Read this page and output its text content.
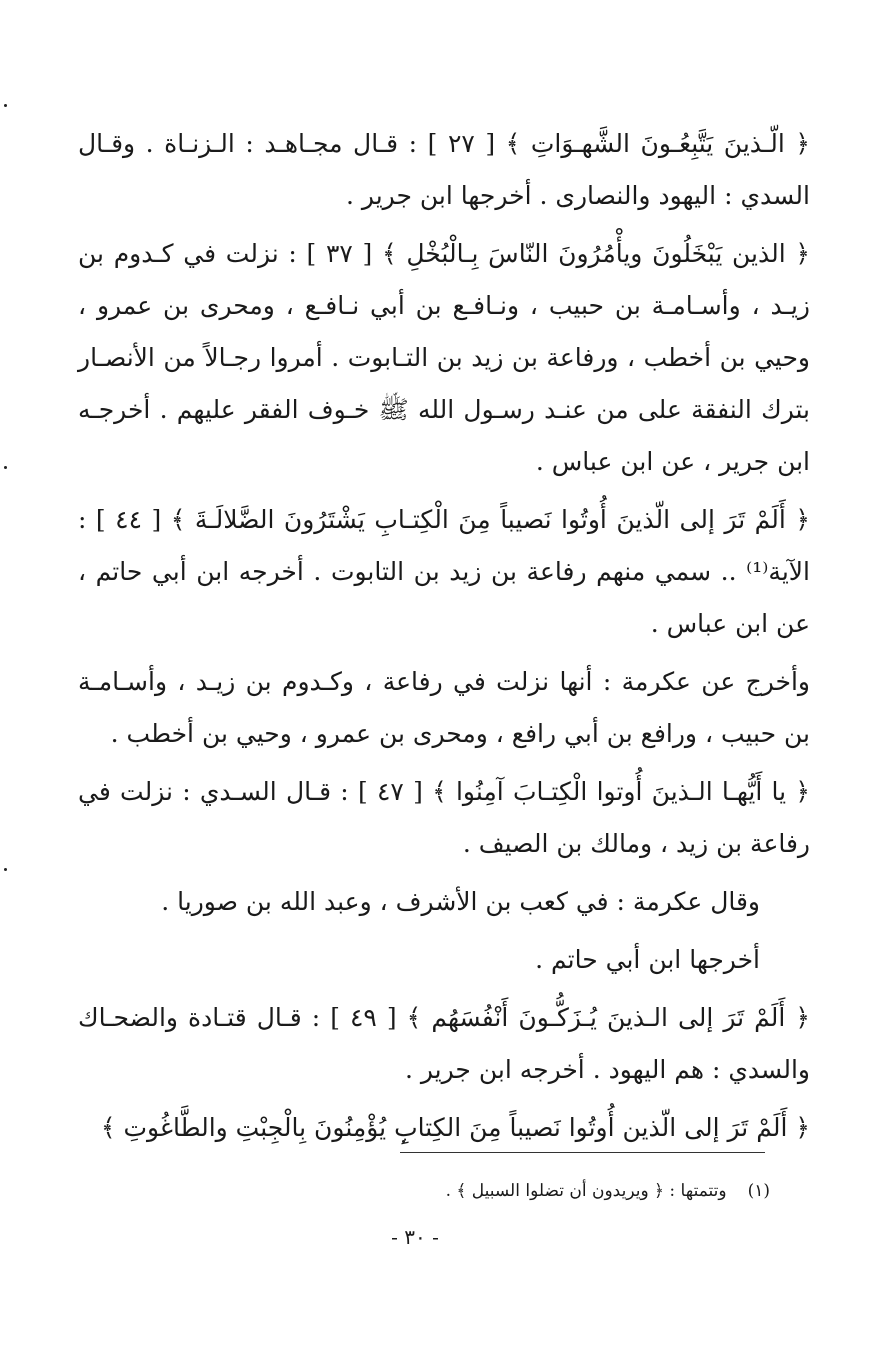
﴿ الّـذينَ يَتَّبِعُـونَ الشَّهـوَاتِ ﴾ [ ٢٧ ] : قـال مجـاهـد : الـزنـاة . وقـال السدي : اليهود والنصارى . أخرجها ابن جرير .

﴿ الذين يَبْخَلُونَ ويأْمُرُونَ النّاسَ بِـالْبُخْلِ ﴾ [ ٣٧ ] : نزلت في كـدوم بن زيـد ، وأسـامـة بن حبيب ، ونـافـع بن أبي نـافـع ، ومحرى بن عمرو ، وحيي بن أخطب ، ورفاعة بن زيد بن التـابوت . أمروا رجـالاً من الأنصـار بترك النفقة على من عنـد رسـول الله ﷺ خـوف الفقر عليهم . أخرجـه ابن جرير ، عن ابن عباس .

﴿ أَلَمْ تَرَ إلى الّذينَ أُوتُوا نَصيباً مِنَ الْكِتـابِ يَشْتَرُونَ الضَّلالَـةَ ﴾ [ ٤٤ ] : الآية⁽¹⁾ .. سمي منهم رفاعة بن زيد بن التابوت . أخرجه ابن أبي حاتم ، عن ابن عباس .

وأخرج عن عكرمة : أنها نزلت في رفاعة ، وكـدوم بن زيـد ، وأسـامـة بن حبيب ، ورافع بن أبي رافع ، ومحرى بن عمرو ، وحيي بن أخطب .

﴿ يا أَيُّهـا الـذينَ أُوتوا الْكِتـابَ آمِنُوا ﴾ [ ٤٧ ] : قـال السـدي : نزلت في رفاعة بن زيد ، ومالك بن الصيف .

وقال عكرمة : في كعب بن الأشرف ، وعبد الله بن صوريا .

أخرجها ابن أبي حاتم .

﴿ أَلَمْ تَرَ إلى الـذينَ يُـزَكُّـونَ أَنْفُسَهُم ﴾ [ ٤٩ ] : قـال قتـادة والضحـاك والسدي : هم اليهود . أخرجه ابن جرير .

﴿ أَلَمْ تَرَ إلى الّذين أُوتُوا نَصيباً مِنَ الكِتابِ يُؤْمِنُونَ بِالْجِبْتِ والطَّاغُوتِ ﴾

(١) وتتمتها : ﴿ ويريدون أن تضلوا السبيل ﴾ .
- ٣٠ -
